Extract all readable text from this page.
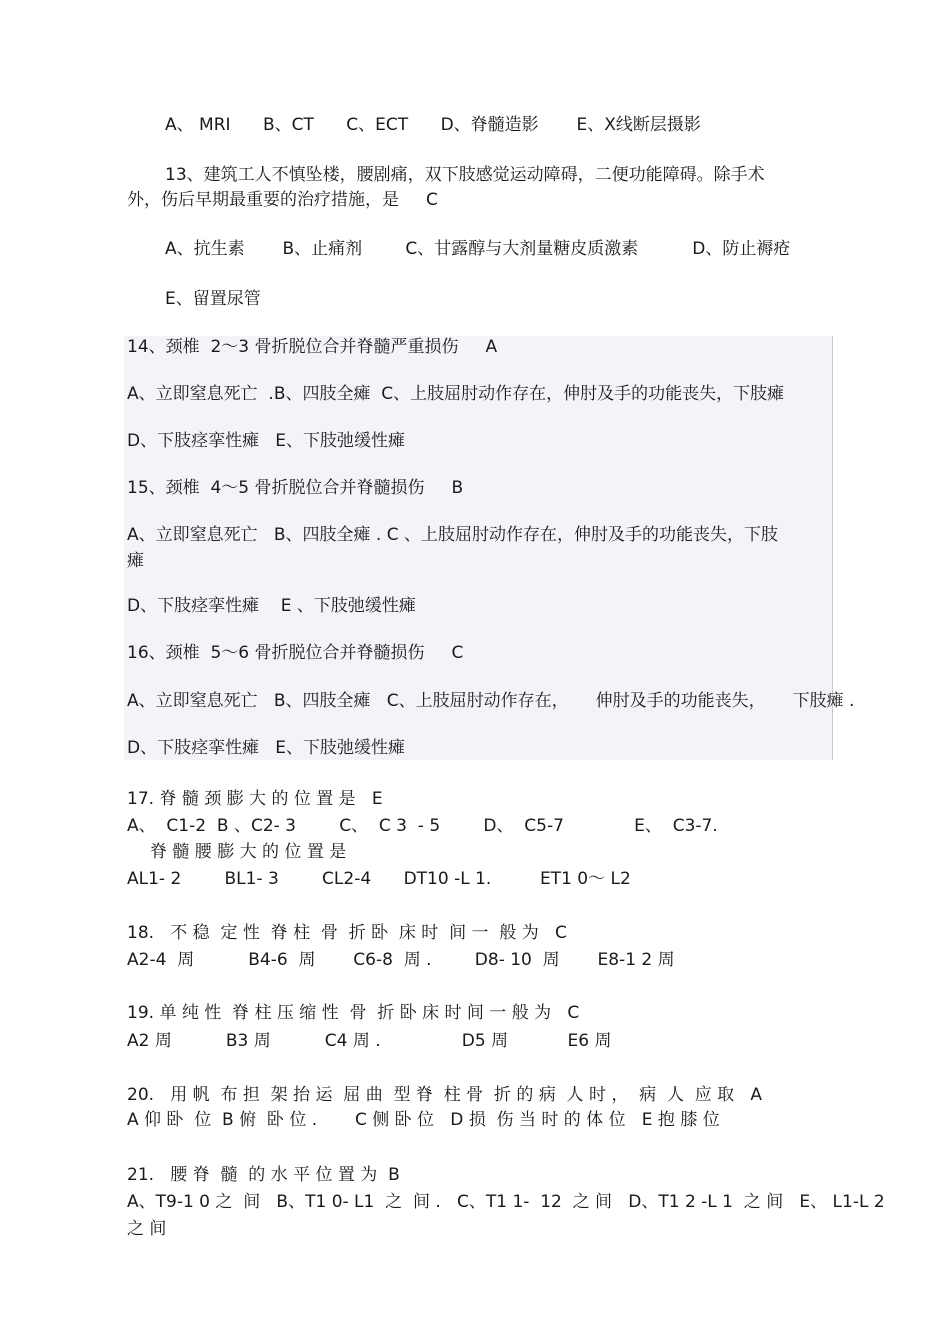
A、 MRI      B、CT      C、ECT      D、脊髓造影       E、X线断层摄影
13、建筑工人不慎坠楼，腰剧痛，双下肢感觉运动障碍，二便功能障碍。除手术
外，伤后早期最重要的治疗措施，是     C
A、抗生素       B、止痛剂        C、甘露醇与大剂量糖皮质激素          D、防止褥疮
E、留置尿管
14、颈椎  2～3 骨折脱位合并脊髓严重损伤     A
A、立即窒息死亡  .B、四肢全瘫  C、上肢屈肘动作存在，伸肘及手的功能丧失，下肢瘫
D、下肢痉挛性瘫   E、下肢弛缓性瘫
15、颈椎  4～5 骨折脱位合并脊髓损伤     B
A、立即窒息死亡   B、四肢全瘫 . C 、上肢屈肘动作存在，伸肘及手的功能丧失，下肢
瘫
D、下肢痉挛性瘫    E 、下肢弛缓性瘫
16、颈椎  5～6 骨折脱位合并脊髓损伤     C
A、立即窒息死亡   B、四肢全瘫   C、上肢屈肘动作存在，     伸肘及手的功能丧失，     下肢瘫 .
D、下肢痉挛性瘫   E、下肢弛缓性瘫
17. 脊 髓 颈 膨 大 的 位 置 是   E
A、  C1-2  B 、C2- 3        C、  C 3  - 5        D、  C5-7             E、  C3-7.
脊 髓 腰 膨 大 的 位 置 是
AL1- 2        BL1- 3        CL2-4      DT10 -L 1.         ET1 0～ L2
18.   不 稳  定 性  脊 柱  骨  折 卧  床 时  间 一  般 为   C
A2-4  周          B4-6  周       C6-8  周 .        D8- 10  周       E8-1 2 周
19. 单 纯 性  脊 柱 压 缩 性  骨  折 卧 床 时 间 一 般 为   C
A2 周          B3 周          C4 周 .               D5 周           E6 周
20.   用 帆  布 担  架 抬 运  屈 曲  型 脊  柱 骨  折 的 病  人 时 ，  病  人  应 取   A
A 仰 卧  位  B 俯  卧 位 .       C 侧 卧 位   D 损  伤 当 时 的 体 位   E 抱 膝 位
21.   腰 脊  髓  的 水 平 位 置 为  B
A、T9-1 0 之  间   B、T1 0- L1  之  间 .   C、T1 1-  12  之 间   D、T1 2 -L 1  之 间   E、 L1-L 2
之 间
